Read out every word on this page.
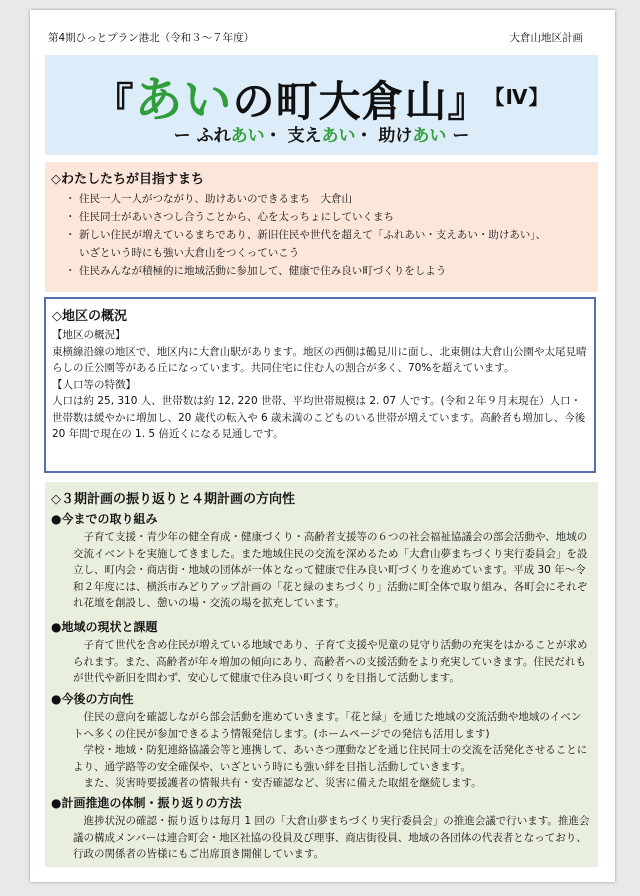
第4期ひっとプラン港北（令和３～７年度）	大倉山地区計画
『あいの町大倉山』 【Ⅳ】
ー ふれあい・ 支えあい・ 助けあい ー
◇わたしたちが目指すまち
・ 住民一人一人がつながり、助けあいのできるまち　大倉山
・ 住民同士があいさつし合うことから、心を太っちょにしていくまち
・ 新しい住民が増えているまちであり、新旧住民や世代を超えて「ふれあい・支えあい・助けあい」、
いざという時にも強い大倉山をつくっていこう
・ 住民みんなが積極的に地域活動に参加して、健康で住み良い町づくりをしよう
◇地区の概況
【地区の概況】

東横線沿線の地区で、地区内に大倉山駅があります。地区の西側は鶴見川に面し、北東側は大倉山公園や太尾見晴らしの丘公園等がある丘になっています。共同住宅に住む人の割合が多く、70%を超えています。

【人口等の特徴】

人口は約 25, 310 人、世帯数は約 12, 220 世帯、平均世帯規模は 2. 07 人です。(令和２年９月末現在）人口・世帯数は緩やかに増加し、20 歳代の転入や 6 歳未満のこどものいる世帯が増えています。高齢者も増加し、今後 20 年間で現在の 1. 5 倍近くになる見通しです。

◇３期計画の振り返りと４期計画の方向性
●今までの取り組み

子育て支援・青少年の健全育成・健康づくり・高齢者支援等の６つの社会福祉協議会の部会活動や、地域の交流イベントを実施してきました。また地域住民の交流を深めるため「大倉山夢まちづくり実行委員会」を設立し、町内会・商店街・地域の団体が一体となって健康で住み良い町づくりを進めています。平成 30 年～令和２年度には、横浜市みどりアップ計画の「花と緑のまちづくり」活動に町全体で取り組み、各町会にそれぞれ花壇を創設し、憩いの場・交流の場を拡充しています。

●地域の現状と課題

子育て世代を含め住民が増えている地域であり、子育て支援や児童の見守り活動の充実をはかることが求められます。また、高齢者が年々増加の傾向にあり、高齢者への支援活動をより充実していきます。住民だれもが世代や新旧を問わず、安心して健康で住み良い町づくりを目指して活動します。

●今後の方向性

住民の意向を確認しながら部会活動を進めていきます。「花と緑」を通じた地域の交流活動や地域のイベントへ多くの住民が参加できるよう情報発信します。(ホームページでの発信も活用します)

学校・地域・防犯連絡協議会等と連携して、あいさつ運動などを通じ住民同士の交流を活発化させることにより、通学路等の安全確保や、いざという時にも強い絆を目指し活動していきます。

また、災害時要援護者の情報共有・安否確認など、災害に備えた取組を継続します。

●計画推進の体制・振り返りの方法

進捗状況の確認・振り返りは毎月 1 回の「大倉山夢まちづくり実行委員会」の推進会議で行います。推進会議の構成メンバーは連合町会・地区社協の役員及び理事、商店街役員、地域の各団体の代表者となっており、行政の関係者の皆様にもご出席頂き開催しています。
